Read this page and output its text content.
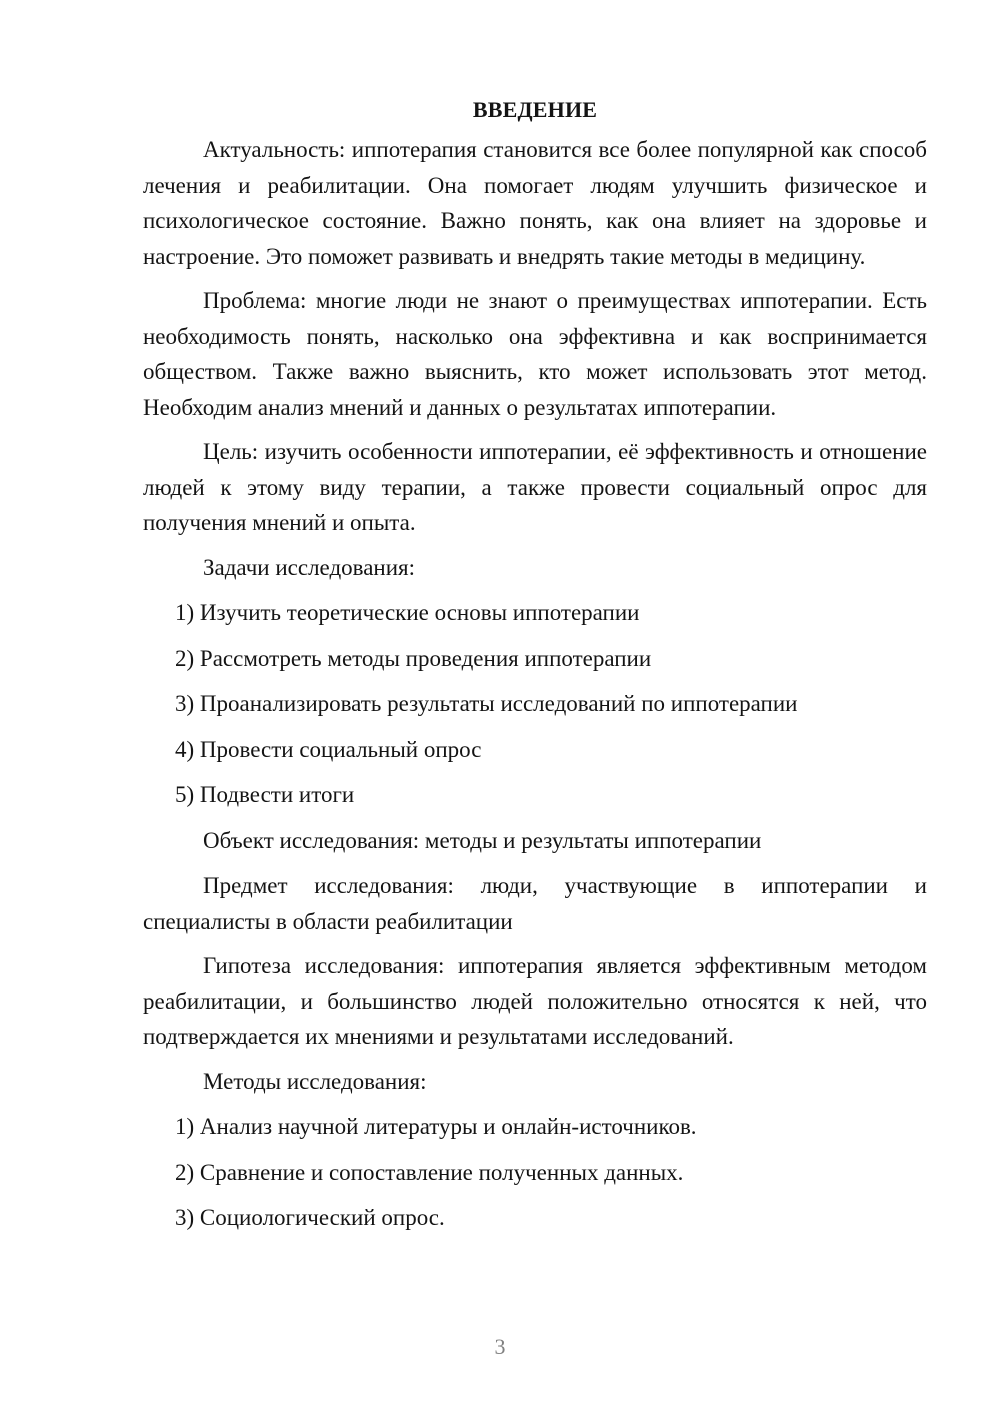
ВВЕДЕНИЕ

Актуальность: иппотерапия становится все более популярной как способ лечения и реабилитации. Она помогает людям улучшить физическое и психологическое состояние. Важно понять, как она влияет на здоровье и настроение. Это поможет развивать и внедрять такие методы в медицину.

Проблема: многие люди не знают о преимуществах иппотерапии. Есть необходимость понять, насколько она эффективна и как воспринимается обществом. Также важно выяснить, кто может использовать этот метод. Необходим анализ мнений и данных о результатах иппотерапии.

Цель: изучить особенности иппотерапии, её эффективность и отношение людей к этому виду терапии, а также провести социальный опрос для получения мнений и опыта.

Задачи исследования:

1) Изучить теоретические основы иппотерапии
2) Рассмотреть методы проведения иппотерапии
3) Проанализировать результаты исследований по иппотерапии
4) Провести социальный опрос
5) Подвести итоги

Объект исследования: методы и результаты иппотерапии

Предмет исследования: люди, участвующие в иппотерапии и специалисты в области реабилитации

Гипотеза исследования: иппотерапия является эффективным методом реабилитации, и большинство людей положительно относятся к ней, что подтверждается их мнениями и результатами исследований.

Методы исследования:

1) Анализ научной литературы и онлайн-источников.
2) Сравнение и сопоставление полученных данных.
3) Социологический опрос.
3
